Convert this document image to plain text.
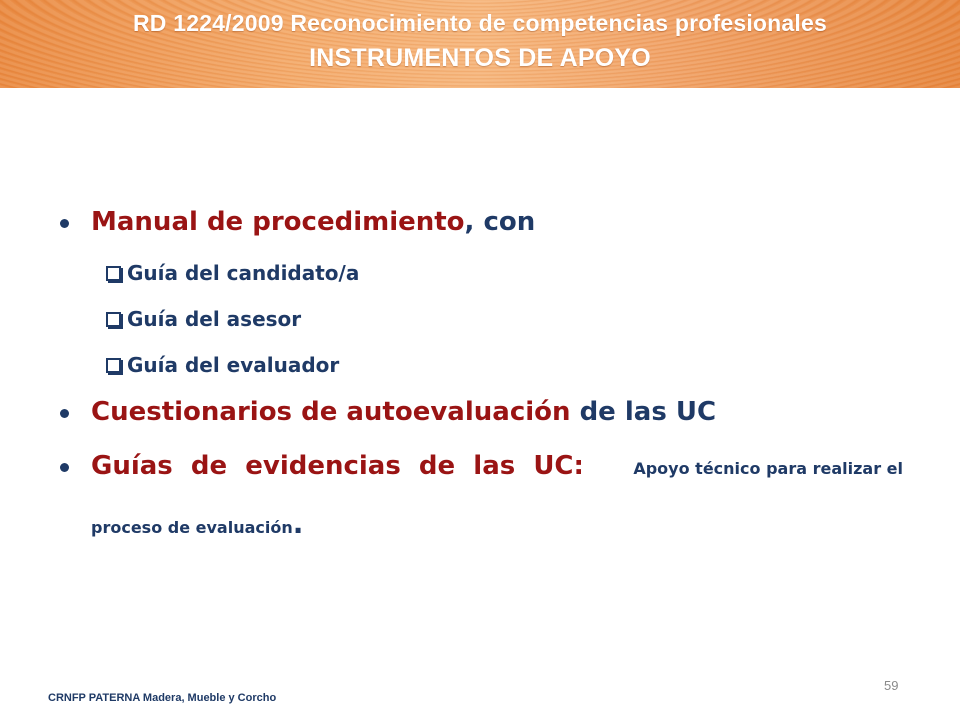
RD 1224/2009 Reconocimiento de competencias profesionales
INSTRUMENTOS DE APOYO
Manual de procedimiento, con
Guía del candidato/a
Guía del asesor
Guía del evaluador
Cuestionarios de autoevaluación de las UC
Guías  de  evidencias  de  las  UC:	Apoyo técnico para realizar el
proceso de evaluación.
59
CRNFP PATERNA Madera, Mueble y Corcho
